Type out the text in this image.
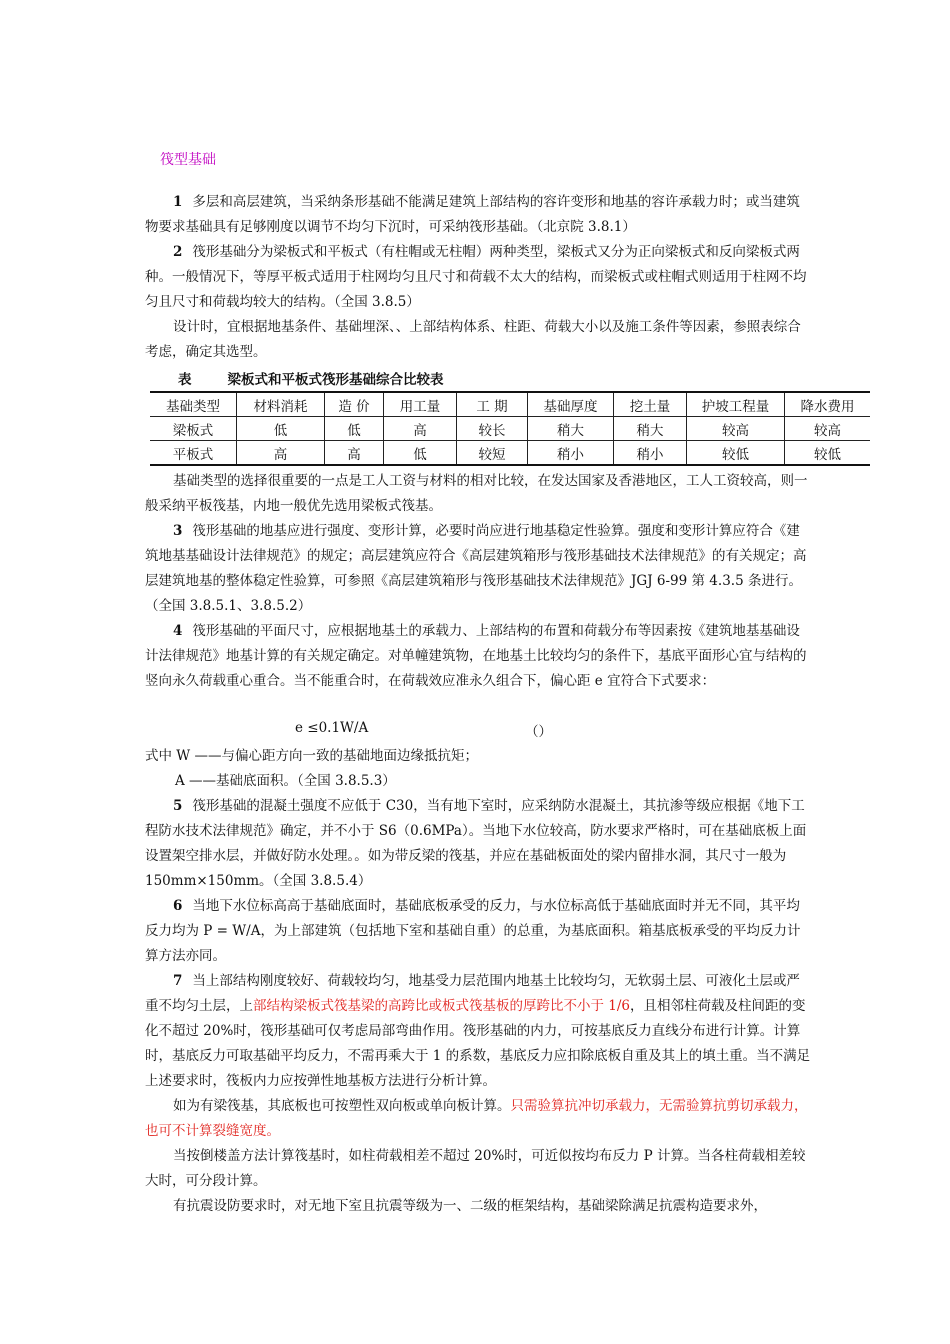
筏型基础

1 多层和高层建筑，当采纳条形基础不能满足建筑上部结构的容许变形和地基的容许承载力时；或当建筑物要求基础具有足够刚度以调节不均匀下沉时，可采纳筏形基础。（北京院 3.8.1）

2 筏形基础分为梁板式和平板式（有柱帽或无柱帽）两种类型，梁板式又分为正向梁板式和反向梁板式两种。一般情况下，等厚平板式适用于柱网均匀且尺寸和荷载不太大的结构，而梁板式或柱帽式则适用于柱网不均匀且尺寸和荷载均较大的结构。（全国 3.8.5）

设计时，宜根据地基条件、基础埋深、、上部结构体系、柱距、荷载大小以及施工条件等因素，参照表综合考虑，确定其选型。

表	梁板式和平板式筏形基础综合比较表
基础类型	材料消耗	造 价	用工量	工 期	基础厚度	挖土量	护坡工程量	降水费用
梁板式	低	低	高	较长	稍大	稍大	较高	较高
平板式	高	高	低	较短	稍小	稍小	较低	较低

基础类型的选择很重要的一点是工人工资与材料的相对比较，在发达国家及香港地区，工人工资较高，则一般采纳平板筏基，内地一般优先选用梁板式筏基。

3 筏形基础的地基应进行强度、变形计算，必要时尚应进行地基稳定性验算。强度和变形计算应符合《建筑地基基础设计法律规范》的规定；高层建筑应符合《高层建筑箱形与筏形基础技术法律规范》的有关规定；高层建筑地基的整体稳定性验算，可参照《高层建筑箱形与筏形基础技术法律规范》JGJ 6-99 第 4.3.5 条进行。（全国 3.8.5.1、3.8.5.2）

4 筏形基础的平面尺寸，应根据地基土的承载力、上部结构的布置和荷载分布等因素按《建筑地基基础设计法律规范》地基计算的有关规定确定。对单幢建筑物，在地基土比较均匀的条件下，基底平面形心宜与结构的竖向永久荷载重心重合。当不能重合时，在荷载效应准永久组合下，偏心距 e 宜符合下式要求：

e ≤0.1W/A	（）
式中 W ——与偏心距方向一致的基础地面边缘抵抗矩；
A ——基础底面积。（全国 3.8.5.3）

5 筏形基础的混凝土强度不应低于 C30，当有地下室时，应采纳防水混凝土，其抗渗等级应根据《地下工程防水技术法律规范》确定，并不小于 S6（0.6MPa）。当地下水位较高，防水要求严格时，可在基础底板上面设置架空排水层，并做好防水处理。。如为带反梁的筏基，并应在基础板面处的梁内留排水洞，其尺寸一般为 150mm×150mm。（全国 3.8.5.4）

6 当地下水位标高高于基础底面时，基础底板承受的反力，与水位标高低于基础底面时并无不同，其平均反力均为 P = W/A，为上部建筑（包括地下室和基础自重）的总重，为基底面积。箱基底板承受的平均反力计算方法亦同。

7 当上部结构刚度较好、荷载较均匀，地基受力层范围内地基土比较均匀，无软弱土层、可液化土层或严重不均匀土层，上部结构梁板式筏基梁的高跨比或板式筏基板的厚跨比不小于 1/6，且相邻柱荷载及柱间距的变化不超过 20%时，筏形基础可仅考虑局部弯曲作用。筏形基础的内力，可按基底反力直线分布进行计算。计算时，基底反力可取基础平均反力，不需再乘大于 1 的系数，基底反力应扣除底板自重及其上的填土重。当不满足上述要求时，筏板内力应按弹性地基板方法进行分析计算。

如为有梁筏基，其底板也可按塑性双向板或单向板计算。只需验算抗冲切承载力，无需验算抗剪切承载力，也可不计算裂缝宽度。

当按倒楼盖方法计算筏基时，如柱荷载相差不超过 20%时，可近似按均布反力 P 计算。当各柱荷载相差较大时，可分段计算。

有抗震设防要求时，对无地下室且抗震等级为一、二级的框架结构，基础梁除满足抗震构造要求外，
